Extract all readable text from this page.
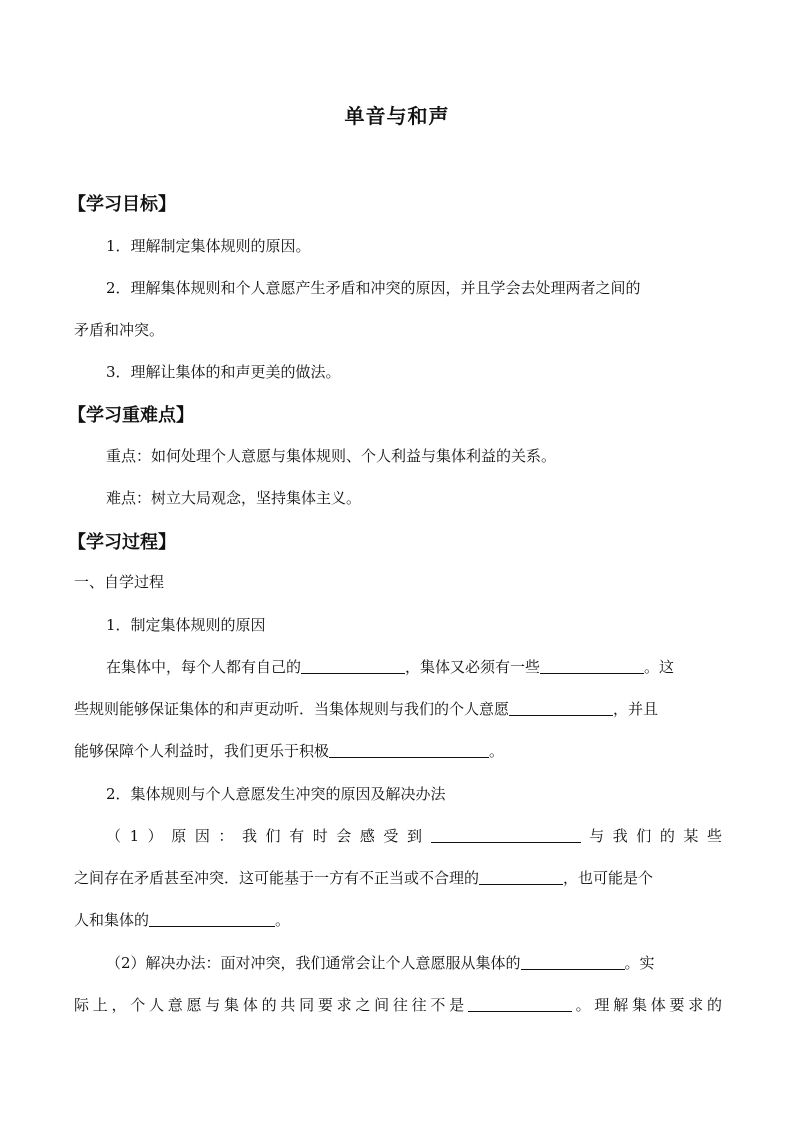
单音与和声
【学习目标】
1．理解制定集体规则的原因。
2．理解集体规则和个人意愿产生矛盾和冲突的原因，并且学会去处理两者之间的
矛盾和冲突。
3．理解让集体的和声更美的做法。
【学习重难点】
重点：如何处理个人意愿与集体规则、个人利益与集体利益的关系。
难点：树立大局观念，坚持集体主义。
【学习过程】
一、自学过程
1．制定集体规则的原因
在集体中，每个人都有自己的	，集体又必须有一些	。这
些规则能够保证集体的和声更动听．当集体规则与我们的个人意愿	，并且
能够保障个人利益时，我们更乐于积极	。
2．集体规则与个人意愿发生冲突的原因及解决办法
（1）原因：我们有时会感受到	与我们的某些
之间存在矛盾甚至冲突．这可能基于一方有不正当或不合理的	，也可能是个
人和集体的	。
（2）解决办法：面对冲突，我们通常会让个人意愿服从集体的	。实
际上，个人意愿与集体的共同要求之间往往不是	。理解集体要求的
